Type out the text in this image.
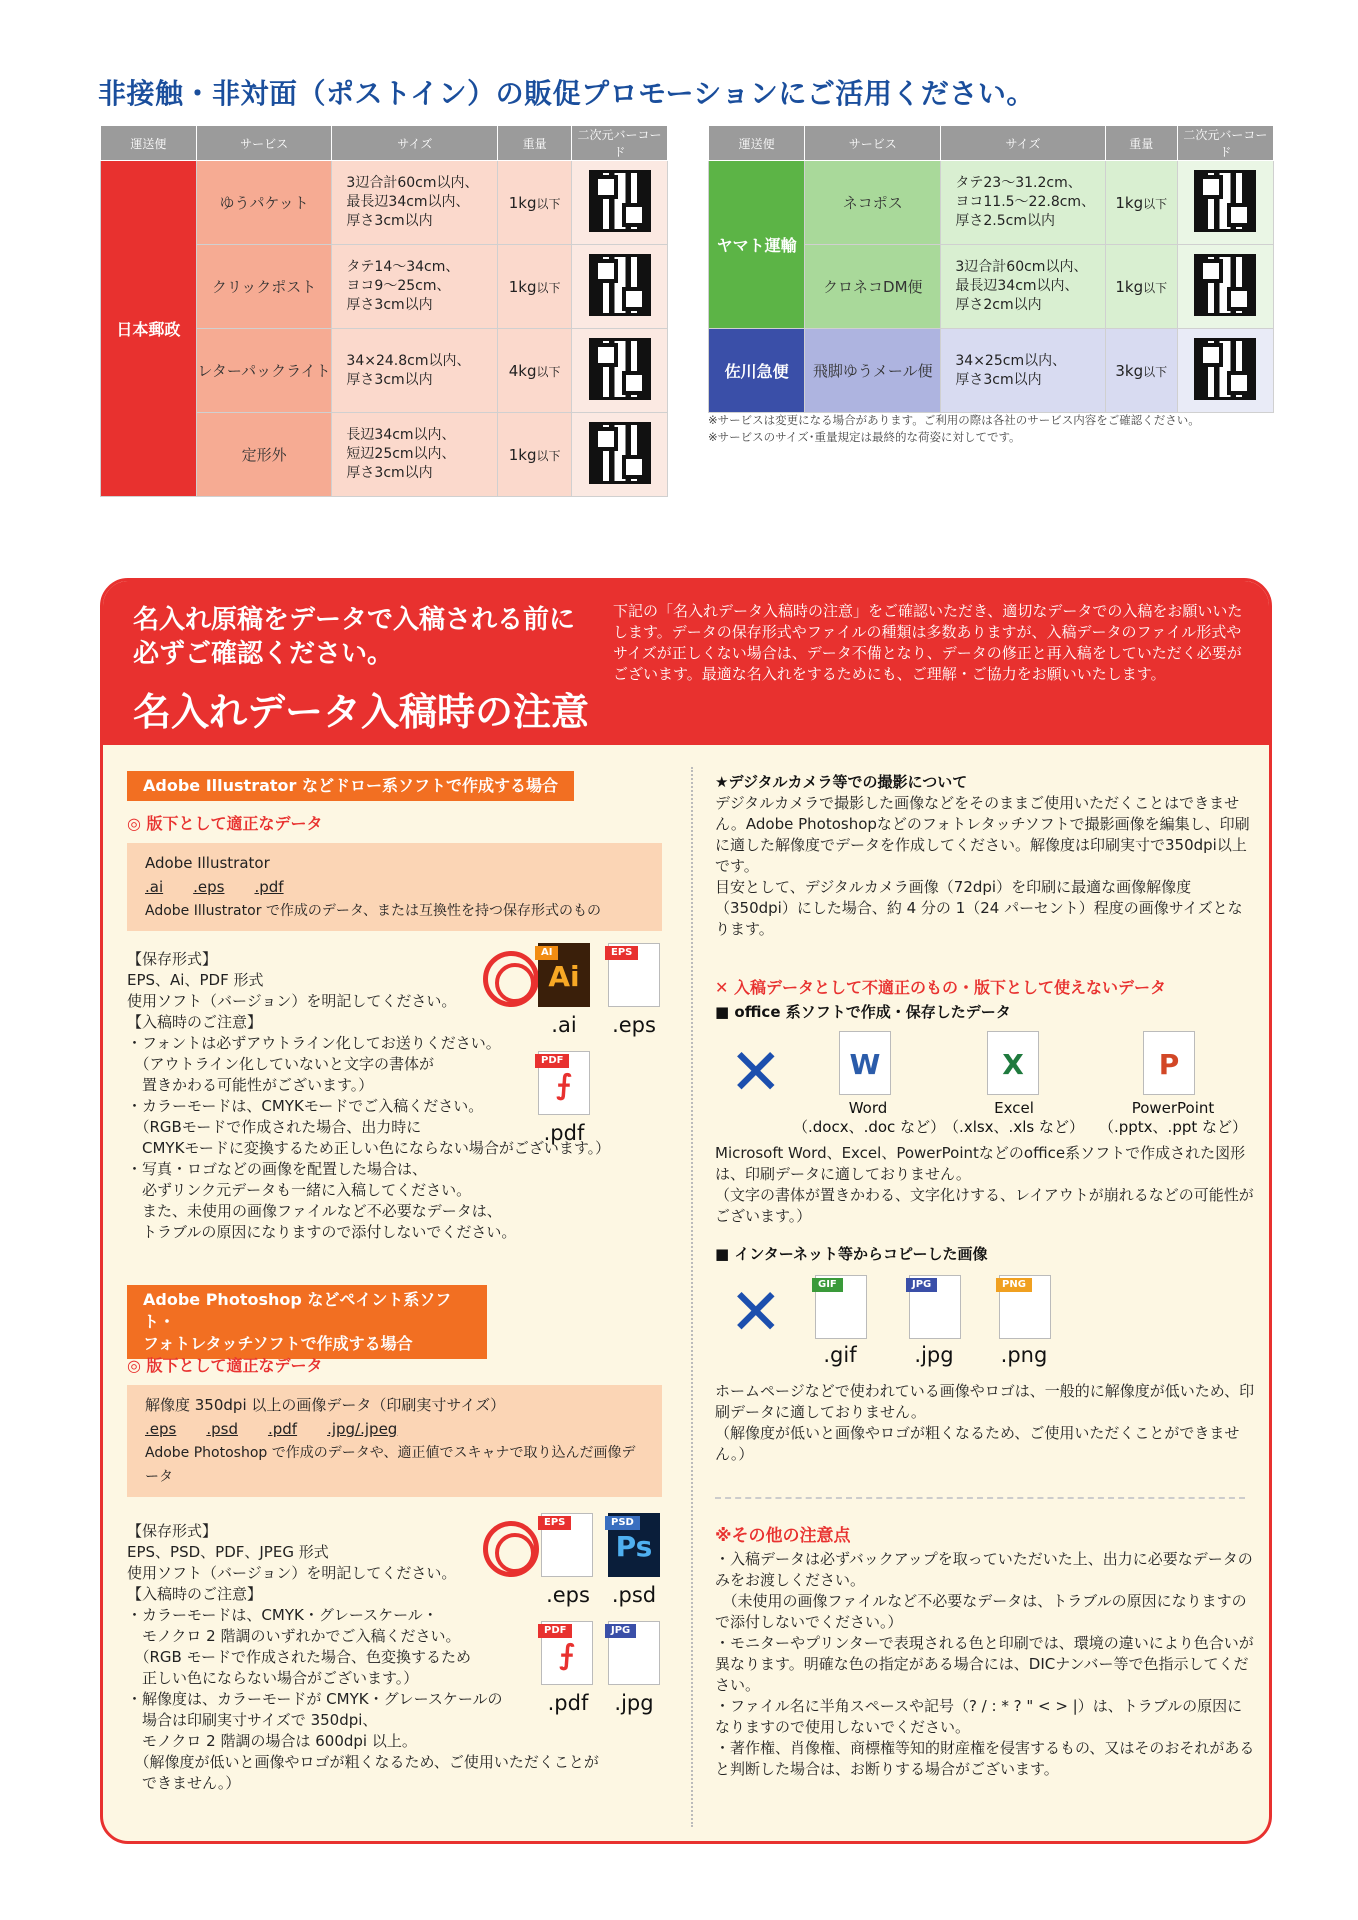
非接触・非対面（ポストイン）の販促プロモーションにご活用ください。
運送便	サービス	サイズ	重量	二次元バーコード
日本郵政	ゆうパケット	3辺合計60cm以内、
最長辺34cm以内、
厚さ3cm以内	1kg以下	
	クリックポスト	タテ14～34cm、
ヨコ9～25cm、
厚さ3cm以内	1kg以下	
	レターパックライト	34×24.8cm以内、
厚さ3cm以内	4kg以下	
	定形外	長辺34cm以内、
短辺25cm以内、
厚さ3cm以内	1kg以下	
運送便	サービス	サイズ	重量	二次元バーコード
ヤマト運輸	ネコポス	タテ23～31.2cm、
ヨコ11.5～22.8cm、
厚さ2.5cm以内	1kg以下	
	クロネコDM便	3辺合計60cm以内、
最長辺34cm以内、
厚さ2cm以内	1kg以下	
佐川急便	飛脚ゆうメール便	34×25cm以内、
厚さ3cm以内	3kg以下	
※サービスは変更になる場合があります。ご利用の際は各社のサービス内容をご確認ください。
※サービスのサイズ･重量規定は最終的な荷姿に対してです。
名入れ原稿をデータで入稿される前に
必ずご確認ください。
名入れデータ入稿時の注意
下記の「名入れデータ入稿時の注意」をご確認いただき、適切なデータでの入稿をお願いいたします。データの保存形式やファイルの種類は多数ありますが、入稿データのファイル形式やサイズが正しくない場合は、データ不備となり、データの修正と再入稿をしていただく必要がございます。最適な名入れをするためにも、ご理解・ご協力をお願いいたします。
Adobe Illustrator などドロー系ソフトで作成する場合
◎ 版下として適正なデータ
Adobe Illustrator
.ai .eps .pdf
Adobe Illustrator で作成のデータ、または互換性を持つ保存形式のもの
【保存形式】
EPS、Ai、PDF 形式
使用ソフト（バージョン）を明記してください。
【入稿時のご注意】
・フォントは必ずアウトライン化してお送りください。
　（アウトライン化していないと文字の書体が
　置きかわる可能性がございます。）
・カラーモードは、CMYKモードでご入稿ください。
　（RGBモードで作成された場合、出力時に
　CMYKモードに変換するため正しい色にならない場合がございます。）
・写真・ロゴなどの画像を配置した場合は、
　必ずリンク元データも一緒に入稿してください。
　また、未使用の画像ファイルなど不必要なデータは、
　トラブルの原因になりますので添付しないでください。
AI
Ai
EPS
.ai	.eps
PDF
⨍
.pdf
Adobe Photoshop などペイント系ソフト・
フォトレタッチソフトで作成する場合
◎ 版下として適正なデータ
解像度 350dpi 以上の画像データ（印刷実寸サイズ）
.eps .psd .pdf .jpg/.jpeg
Adobe Photoshop で作成のデータや、適正値でスキャナで取り込んだ画像データ
【保存形式】
EPS、PSD、PDF、JPEG 形式
使用ソフト（バージョン）を明記してください。
【入稿時のご注意】
・カラーモードは、CMYK・グレースケール・
　モノクロ 2 階調のいずれかでご入稿ください。
　（RGB モードで作成された場合、色変換するため
　正しい色にならない場合がございます。）
・解像度は、カラーモードが CMYK・グレースケールの
　場合は印刷実寸サイズで 350dpi、
　モノクロ 2 階調の場合は 600dpi 以上。
　（解像度が低いと画像やロゴが粗くなるため、ご使用いただくことが
　できません。）
EPS	PSD
Ps
.eps	.psd
PDF
⨍
JPG
.pdf	.jpg
★デジタルカメラ等での撮影について
デジタルカメラで撮影した画像などをそのままご使用いただくことはできません。Adobe Photoshopなどのフォトレタッチソフトで撮影画像を編集し、印刷に適した解像度でデータを作成してください。解像度は印刷実寸で350dpi以上です。
目安として、デジタルカメラ画像（72dpi）を印刷に最適な画像解像度（350dpi）にした場合、約 4 分の 1（24 パーセント）程度の画像サイズとなります。
✕ 入稿データとして不適正のもの・版下として使えないデータ
■ office 系ソフトで作成・保存したデータ
✕	W	X	P
Word
（.docx、.doc など）
Excel
（.xlsx、.xls など）
PowerPoint
（.pptx、.ppt など）
Microsoft Word、Excel、PowerPointなどのoffice系ソフトで作成された図形は、印刷データに適しておりません。
（文字の書体が置きかわる、文字化けする、レイアウトが崩れるなどの可能性がございます。）
■ インターネット等からコピーした画像
✕	GIF	JPG	PNG
.gif	.jpg	.png
ホームページなどで使われている画像やロゴは、一般的に解像度が低いため、印刷データに適しておりません。
（解像度が低いと画像やロゴが粗くなるため、ご使用いただくことができません。）
※その他の注意点
・入稿データは必ずバックアップを取っていただいた上、出力に必要なデータのみをお渡しください。
　（未使用の画像ファイルなど不必要なデータは、トラブルの原因になりますので添付しないでください。）
・モニターやプリンターで表現される色と印刷では、環境の違いにより色合いが異なります。明確な色の指定がある場合には、DICナンバー等で色指示してください。
・ファイル名に半角スペースや記号（? / : * ? " < > |）は、トラブルの原因になりますので使用しないでください。
・著作権、肖像権、商標権等知的財産権を侵害するもの、又はそのおそれがあると判断した場合は、お断りする場合がございます。
